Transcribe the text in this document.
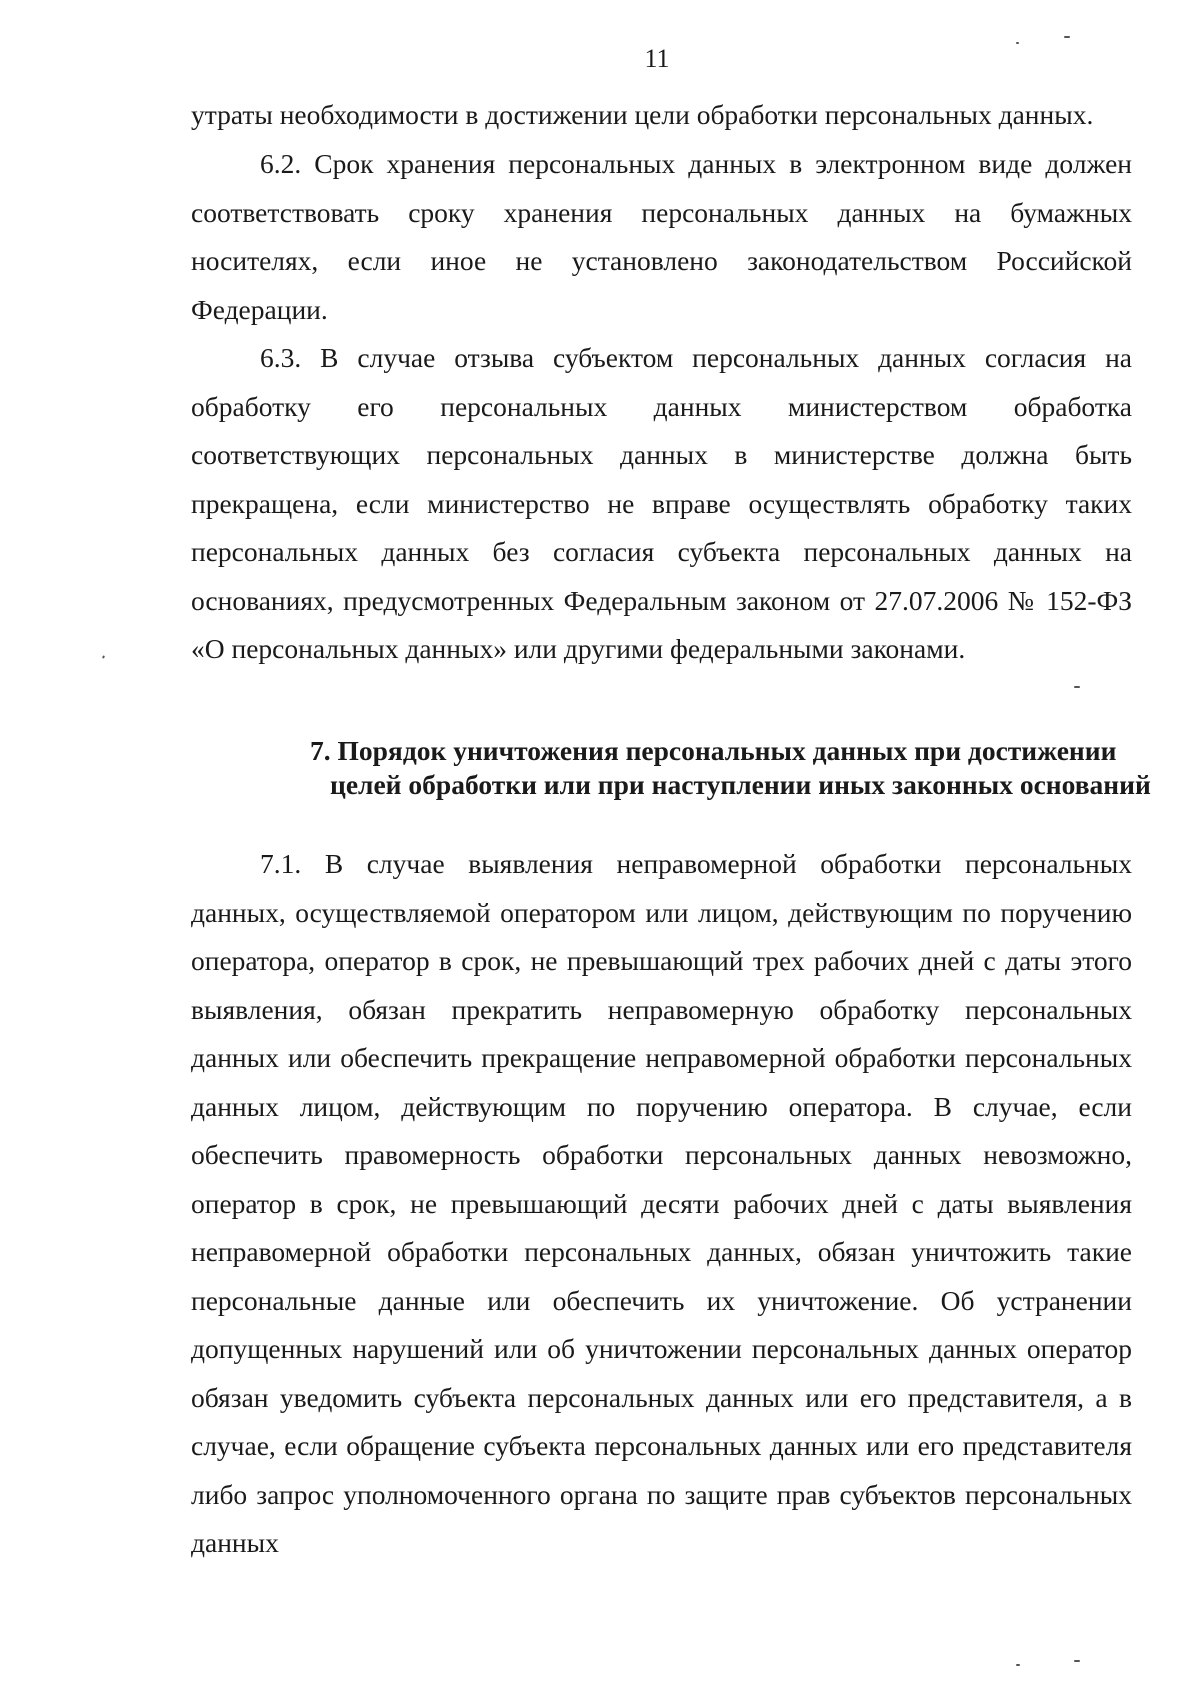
11

утраты необходимости в достижении цели обработки персональных данных.

6.2. Срок хранения персональных данных в электронном виде должен соответствовать сроку хранения персональных данных на бумажных носителях, если иное не установлено законодательством Российской Федерации.

6.3. В случае отзыва субъектом персональных данных согласия на обработку его персональных данных министерством обработка соответствующих персональных данных в министерстве должна быть прекращена, если министерство не вправе осуществлять обработку таких персональных данных без согласия субъекта персональных данных на основаниях, предусмотренных Федеральным законом от 27.07.2006 № 152-ФЗ «О персональных данных» или другими федеральными законами.

7. Порядок уничтожения персональных данных при достижении
целей обработки или при наступлении иных законных оснований

7.1. В случае выявления неправомерной обработки персональных данных, осуществляемой оператором или лицом, действующим по поручению оператора, оператор в срок, не превышающий трех рабочих дней с даты этого выявления, обязан прекратить неправомерную обработку персональных данных или обеспечить прекращение неправомерной обработки персональных данных лицом, действующим по поручению оператора. В случае, если обеспечить правомерность обработки персональных данных невозможно, оператор в срок, не превышающий десяти рабочих дней с даты выявления неправомерной обработки персональных данных, обязан уничтожить такие персональные данные или обеспечить их уничтожение. Об устранении допущенных нарушений или об уничтожении персональных данных оператор обязан уведомить субъекта персональных данных или его представителя, а в случае, если обращение субъекта персональных данных или его представителя либо запрос уполномоченного органа по защите прав субъектов персональных данных
